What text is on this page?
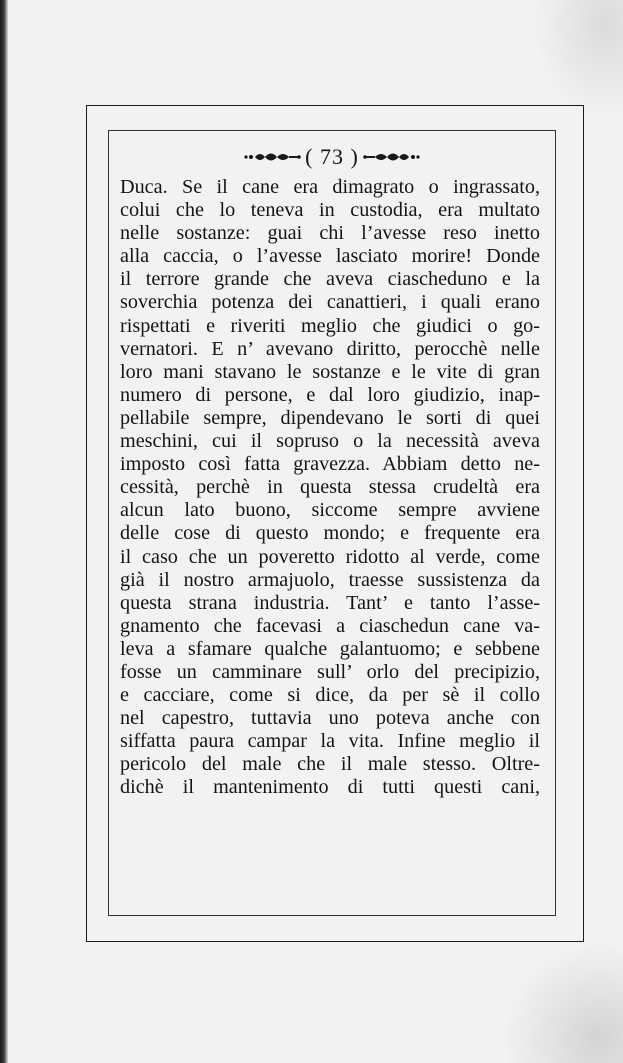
( 73 )
Duca. Se il cane era dimagrato o ingrassato,
colui che lo teneva in custodia, era multato
nelle sostanze: guai chi l’avesse reso inetto
alla caccia, o l’avesse lasciato morire! Donde
il terrore grande che aveva ciascheduno e la
soverchia potenza dei canattieri, i quali erano
rispettati e riveriti meglio che giudici o go-
vernatori. E n’ avevano diritto, perocchè nelle
loro mani stavano le sostanze e le vite di gran
numero di persone, e dal loro giudizio, inap-
pellabile sempre, dipendevano le sorti di quei
meschini, cui il sopruso o la necessità aveva
imposto così fatta gravezza. Abbiam detto ne-
cessità, perchè in questa stessa crudeltà era
alcun lato buono, siccome sempre avviene
delle cose di questo mondo; e frequente era
il caso che un poveretto ridotto al verde, come
già il nostro armajuolo, traesse sussistenza da
questa strana industria. Tant’ e tanto l’asse-
gnamento che facevasi a ciaschedun cane va-
leva a sfamare qualche galantuomo; e sebbene
fosse un camminare sull’ orlo del precipizio,
e cacciare, come si dice, da per sè il collo
nel capestro, tuttavia uno poteva anche con
siffatta paura campar la vita. Infine meglio il
pericolo del male che il male stesso. Oltre-
dichè il mantenimento di tutti questi cani,
